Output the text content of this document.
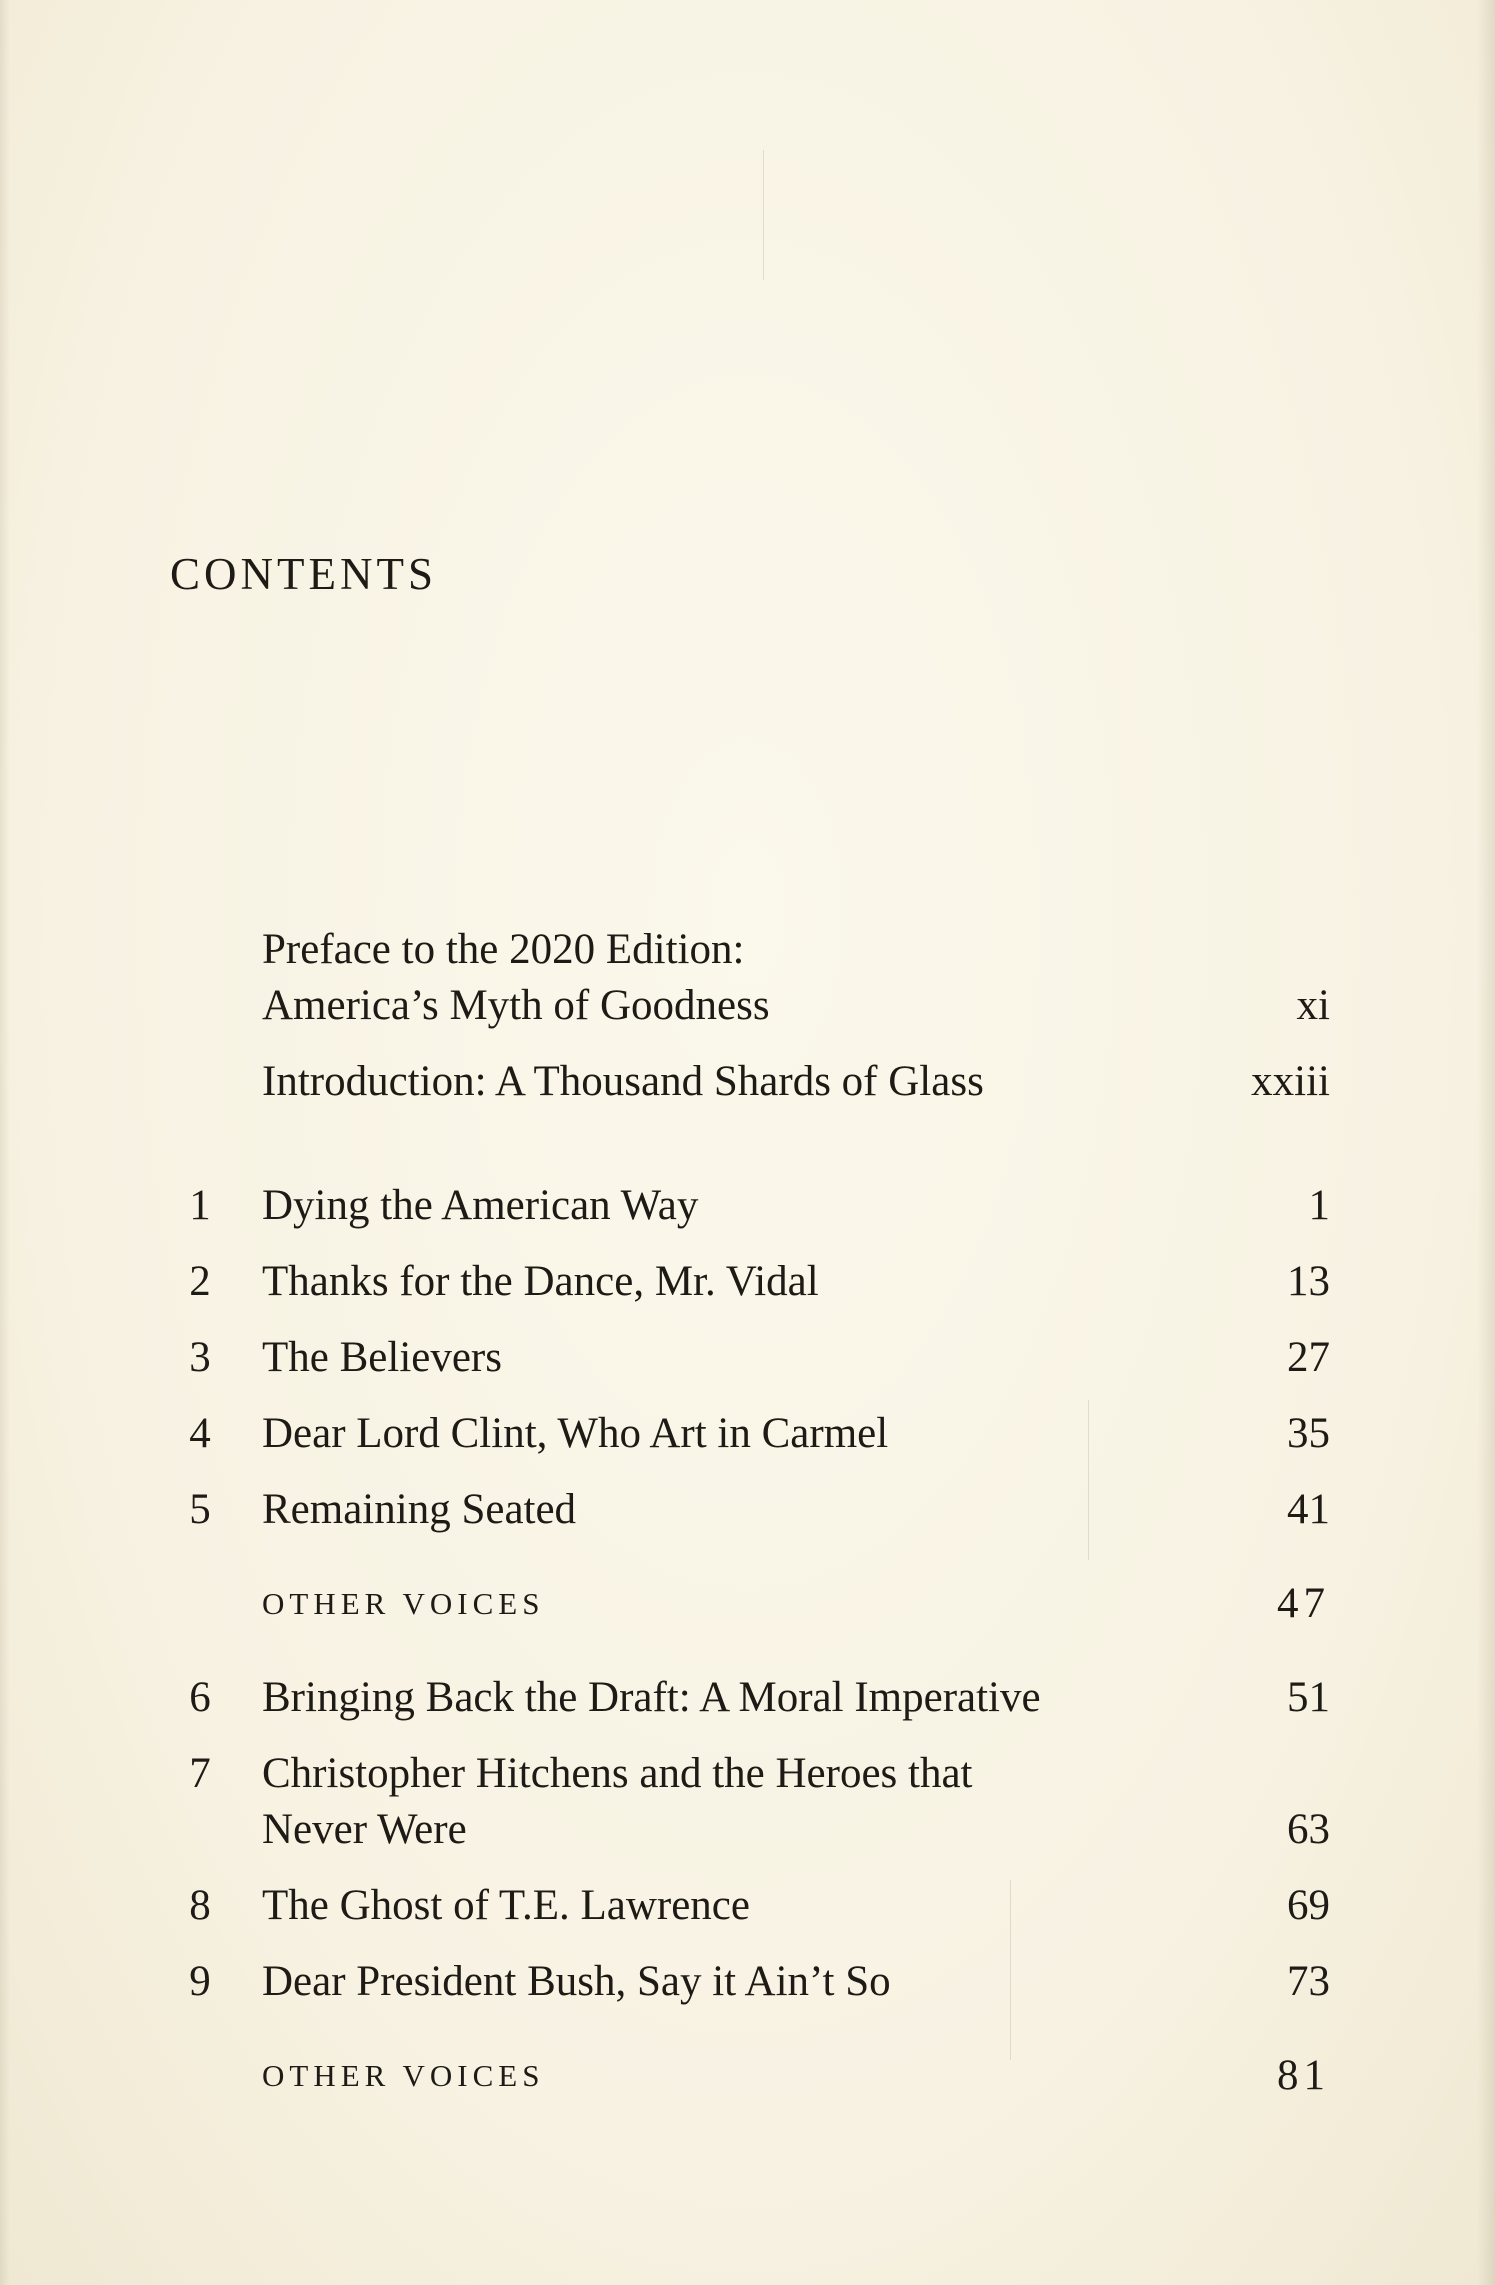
CONTENTS
Preface to the 2020 Edition:
America’s Myth of Goodness	xi
Introduction: A Thousand Shards of Glass	xxiii
1 Dying the American Way	1
2 Thanks for the Dance, Mr. Vidal	13
3 The Believers	27
4 Dear Lord Clint, Who Art in Carmel	35
5 Remaining Seated	41
OTHER VOICES	47
6 Bringing Back the Draft: A Moral Imperative	51
7 Christopher Hitchens and the Heroes that
Never Were	63
8 The Ghost of T.E. Lawrence	69
9 Dear President Bush, Say it Ain’t So	73
OTHER VOICES	81
